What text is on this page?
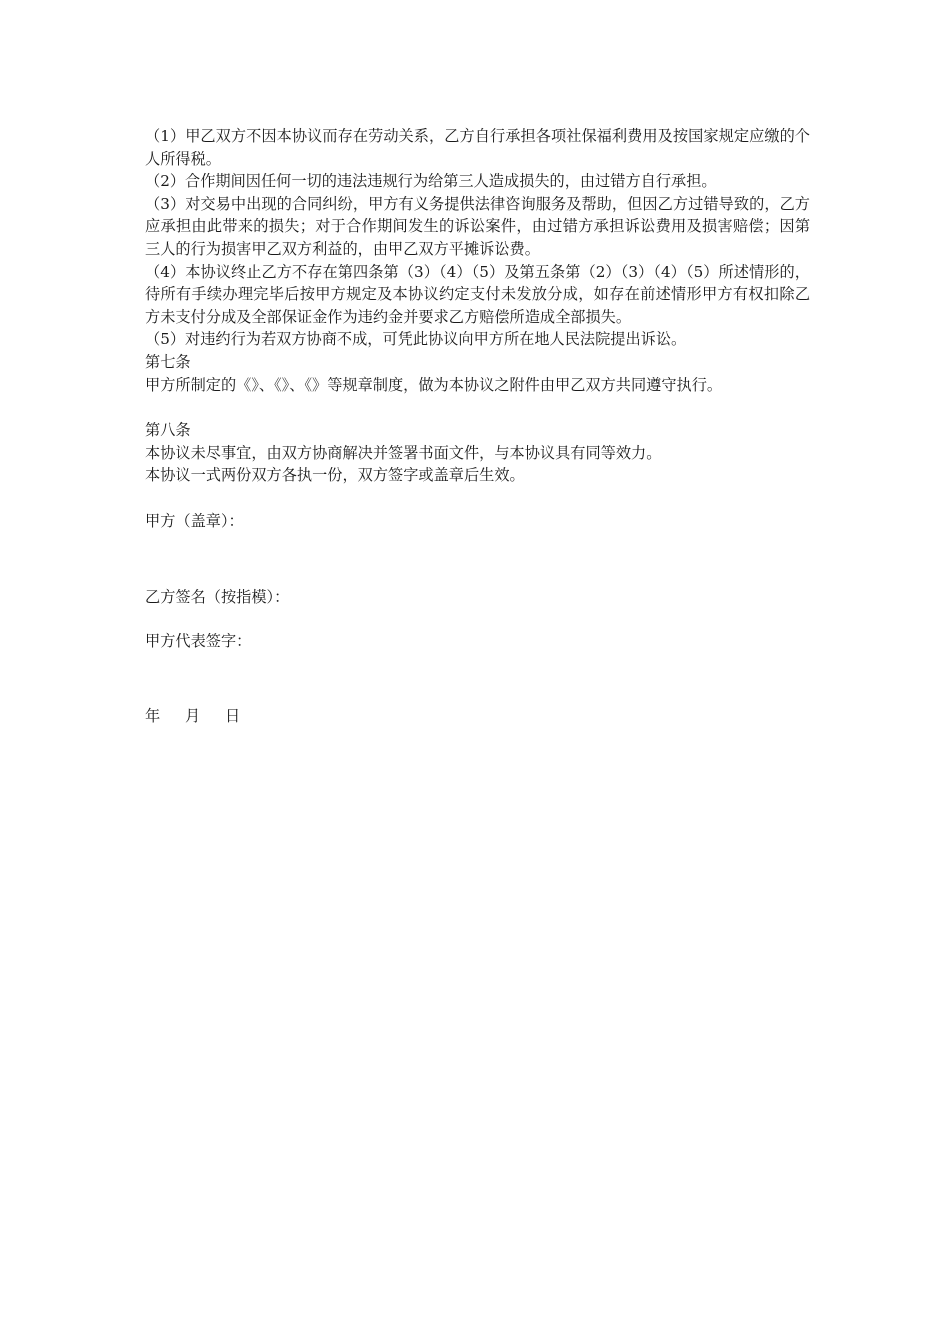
（1）甲乙双方不因本协议而存在劳动关系，乙方自行承担各项社保福利费用及按国家规定应缴的个人所得税。

（2）合作期间因任何一切的违法违规行为给第三人造成损失的，由过错方自行承担。

（3）对交易中出现的合同纠纷，甲方有义务提供法律咨询服务及帮助，但因乙方过错导致的，乙方应承担由此带来的损失；对于合作期间发生的诉讼案件，由过错方承担诉讼费用及损害赔偿；因第三人的行为损害甲乙双方利益的，由甲乙双方平摊诉讼费。

（4）本协议终止乙方不存在第四条第（3）（4）（5）及第五条第（2）（3）（4）（5）所述情形的，待所有手续办理完毕后按甲方规定及本协议约定支付未发放分成，如存在前述情形甲方有权扣除乙方未支付分成及全部保证金作为违约金并要求乙方赔偿所造成全部损失。

（5）对违约行为若双方协商不成，可凭此协议向甲方所在地人民法院提出诉讼。

第七条

甲方所制定的《》、《》、《》等规章制度，做为本协议之附件由甲乙双方共同遵守执行。

第八条

本协议未尽事宜，由双方协商解决并签署书面文件，与本协议具有同等效力。

本协议一式两份双方各执一份，双方签字或盖章后生效。

甲方（盖章）：

乙方签名（按指模）：

甲方代表签字：

年 月 日
